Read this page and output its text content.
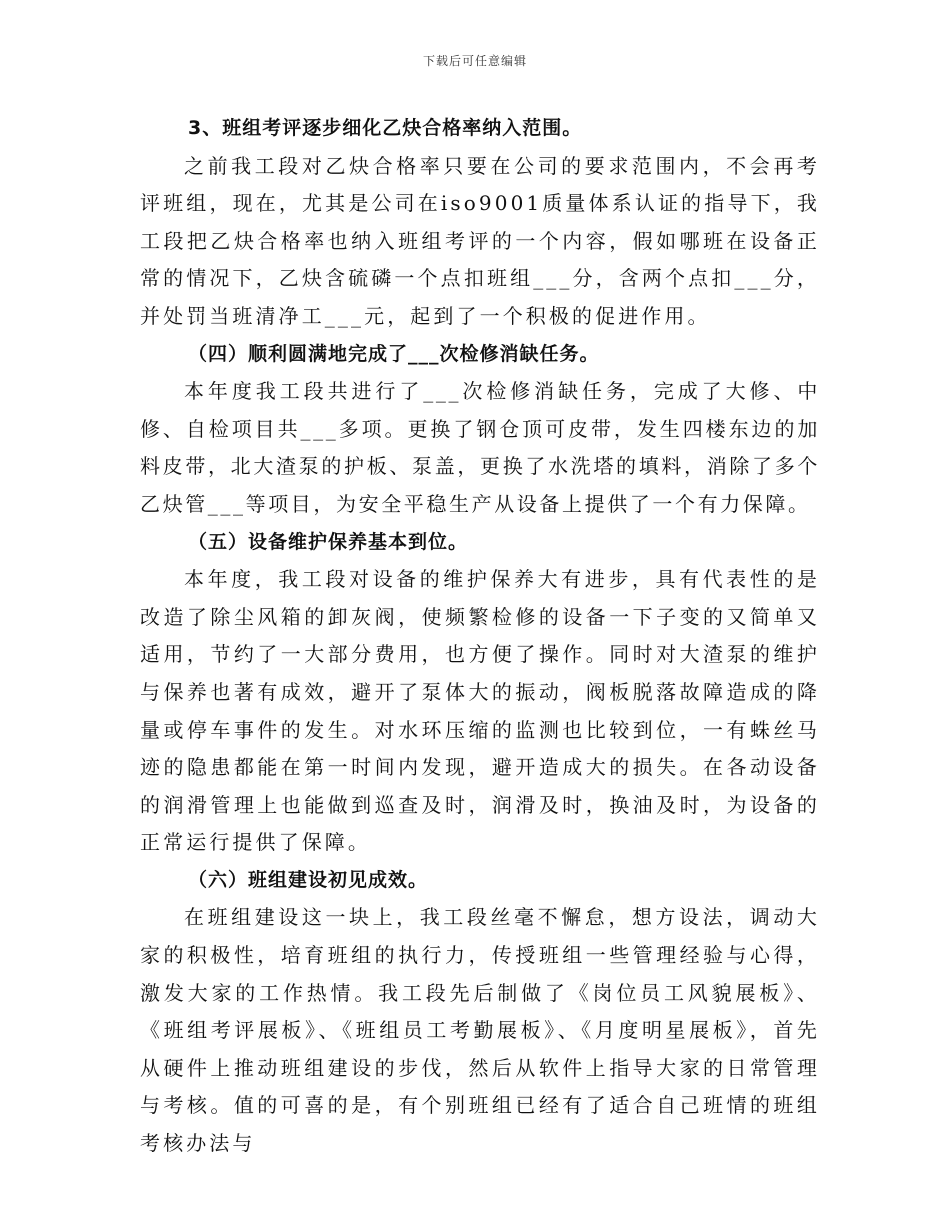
下载后可任意编辑
3、班组考评逐步细化乙炔合格率纳入范围。

之前我工段对乙炔合格率只要在公司的要求范围内，不会再考评班组，现在，尤其是公司在iso9001质量体系认证的指导下，我工段把乙炔合格率也纳入班组考评的一个内容，假如哪班在设备正常的情况下，乙炔含硫磷一个点扣班组___分，含两个点扣___分，并处罚当班清净工___元，起到了一个积极的促进作用。

（四）顺利圆满地完成了___次检修消缺任务。

本年度我工段共进行了___次检修消缺任务，完成了大修、中修、自检项目共___多项。更换了钢仓顶可皮带，发生四楼东边的加料皮带，北大渣泵的护板、泵盖，更换了水洗塔的填料，消除了多个乙炔管___等项目，为安全平稳生产从设备上提供了一个有力保障。

（五）设备维护保养基本到位。

本年度，我工段对设备的维护保养大有进步，具有代表性的是改造了除尘风箱的卸灰阀，使频繁检修的设备一下子变的又简单又适用，节约了一大部分费用，也方便了操作。同时对大渣泵的维护与保养也著有成效，避开了泵体大的振动，阀板脱落故障造成的降量或停车事件的发生。对水环压缩的监测也比较到位，一有蛛丝马迹的隐患都能在第一时间内发现，避开造成大的损失。在各动设备的润滑管理上也能做到巡查及时，润滑及时，换油及时，为设备的正常运行提供了保障。

（六）班组建设初见成效。

在班组建设这一块上，我工段丝毫不懈怠，想方设法，调动大家的积极性，培育班组的执行力，传授班组一些管理经验与心得，激发大家的工作热情。我工段先后制做了《岗位员工风貌展板》、《班组考评展板》、《班组员工考勤展板》、《月度明星展板》，首先从硬件上推动班组建设的步伐，然后从软件上指导大家的日常管理与考核。值的可喜的是，有个别班组已经有了适合自己班情的班组考核办法与
